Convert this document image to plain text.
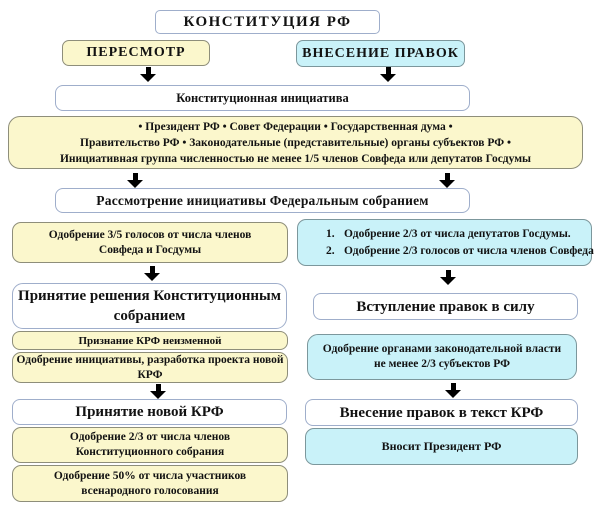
КОНСТИТУЦИЯ РФ
ПЕРЕСМОТР	ВНЕСЕНИЕ ПРАВОК
Конституционная инициатива
• Президент РФ • Совет Федерации • Государственная дума •
Правительство РФ • Законодательные (представительные) органы субъектов РФ •
Инициативная группа численностью не менее 1/5 членов Совфеда или депутатов Госдумы
Рассмотрение инициативы Федеральным собранием
Одобрение 3/5 голосов от числа членов
Совфеда и Госдумы
1. Одобрение 2/3 от числа депутатов Госдумы.
2. Одобрение 2/3 голосов от числа членов Совфеда
Принятие решения Конституционным
собранием
Вступление правок в силу
Признание КРФ неизменной
Одобрение инициативы, разработка проекта новой
КРФ
Одобрение органами законодательной власти
не менее 2/3 субъектов РФ
Принятие новой КРФ	Внесение правок в текст КРФ
Одобрение 2/3 от числа членов
Конституционного собрания	Вносит Президент РФ
Одобрение 50% от числа участников
всенародного голосования
